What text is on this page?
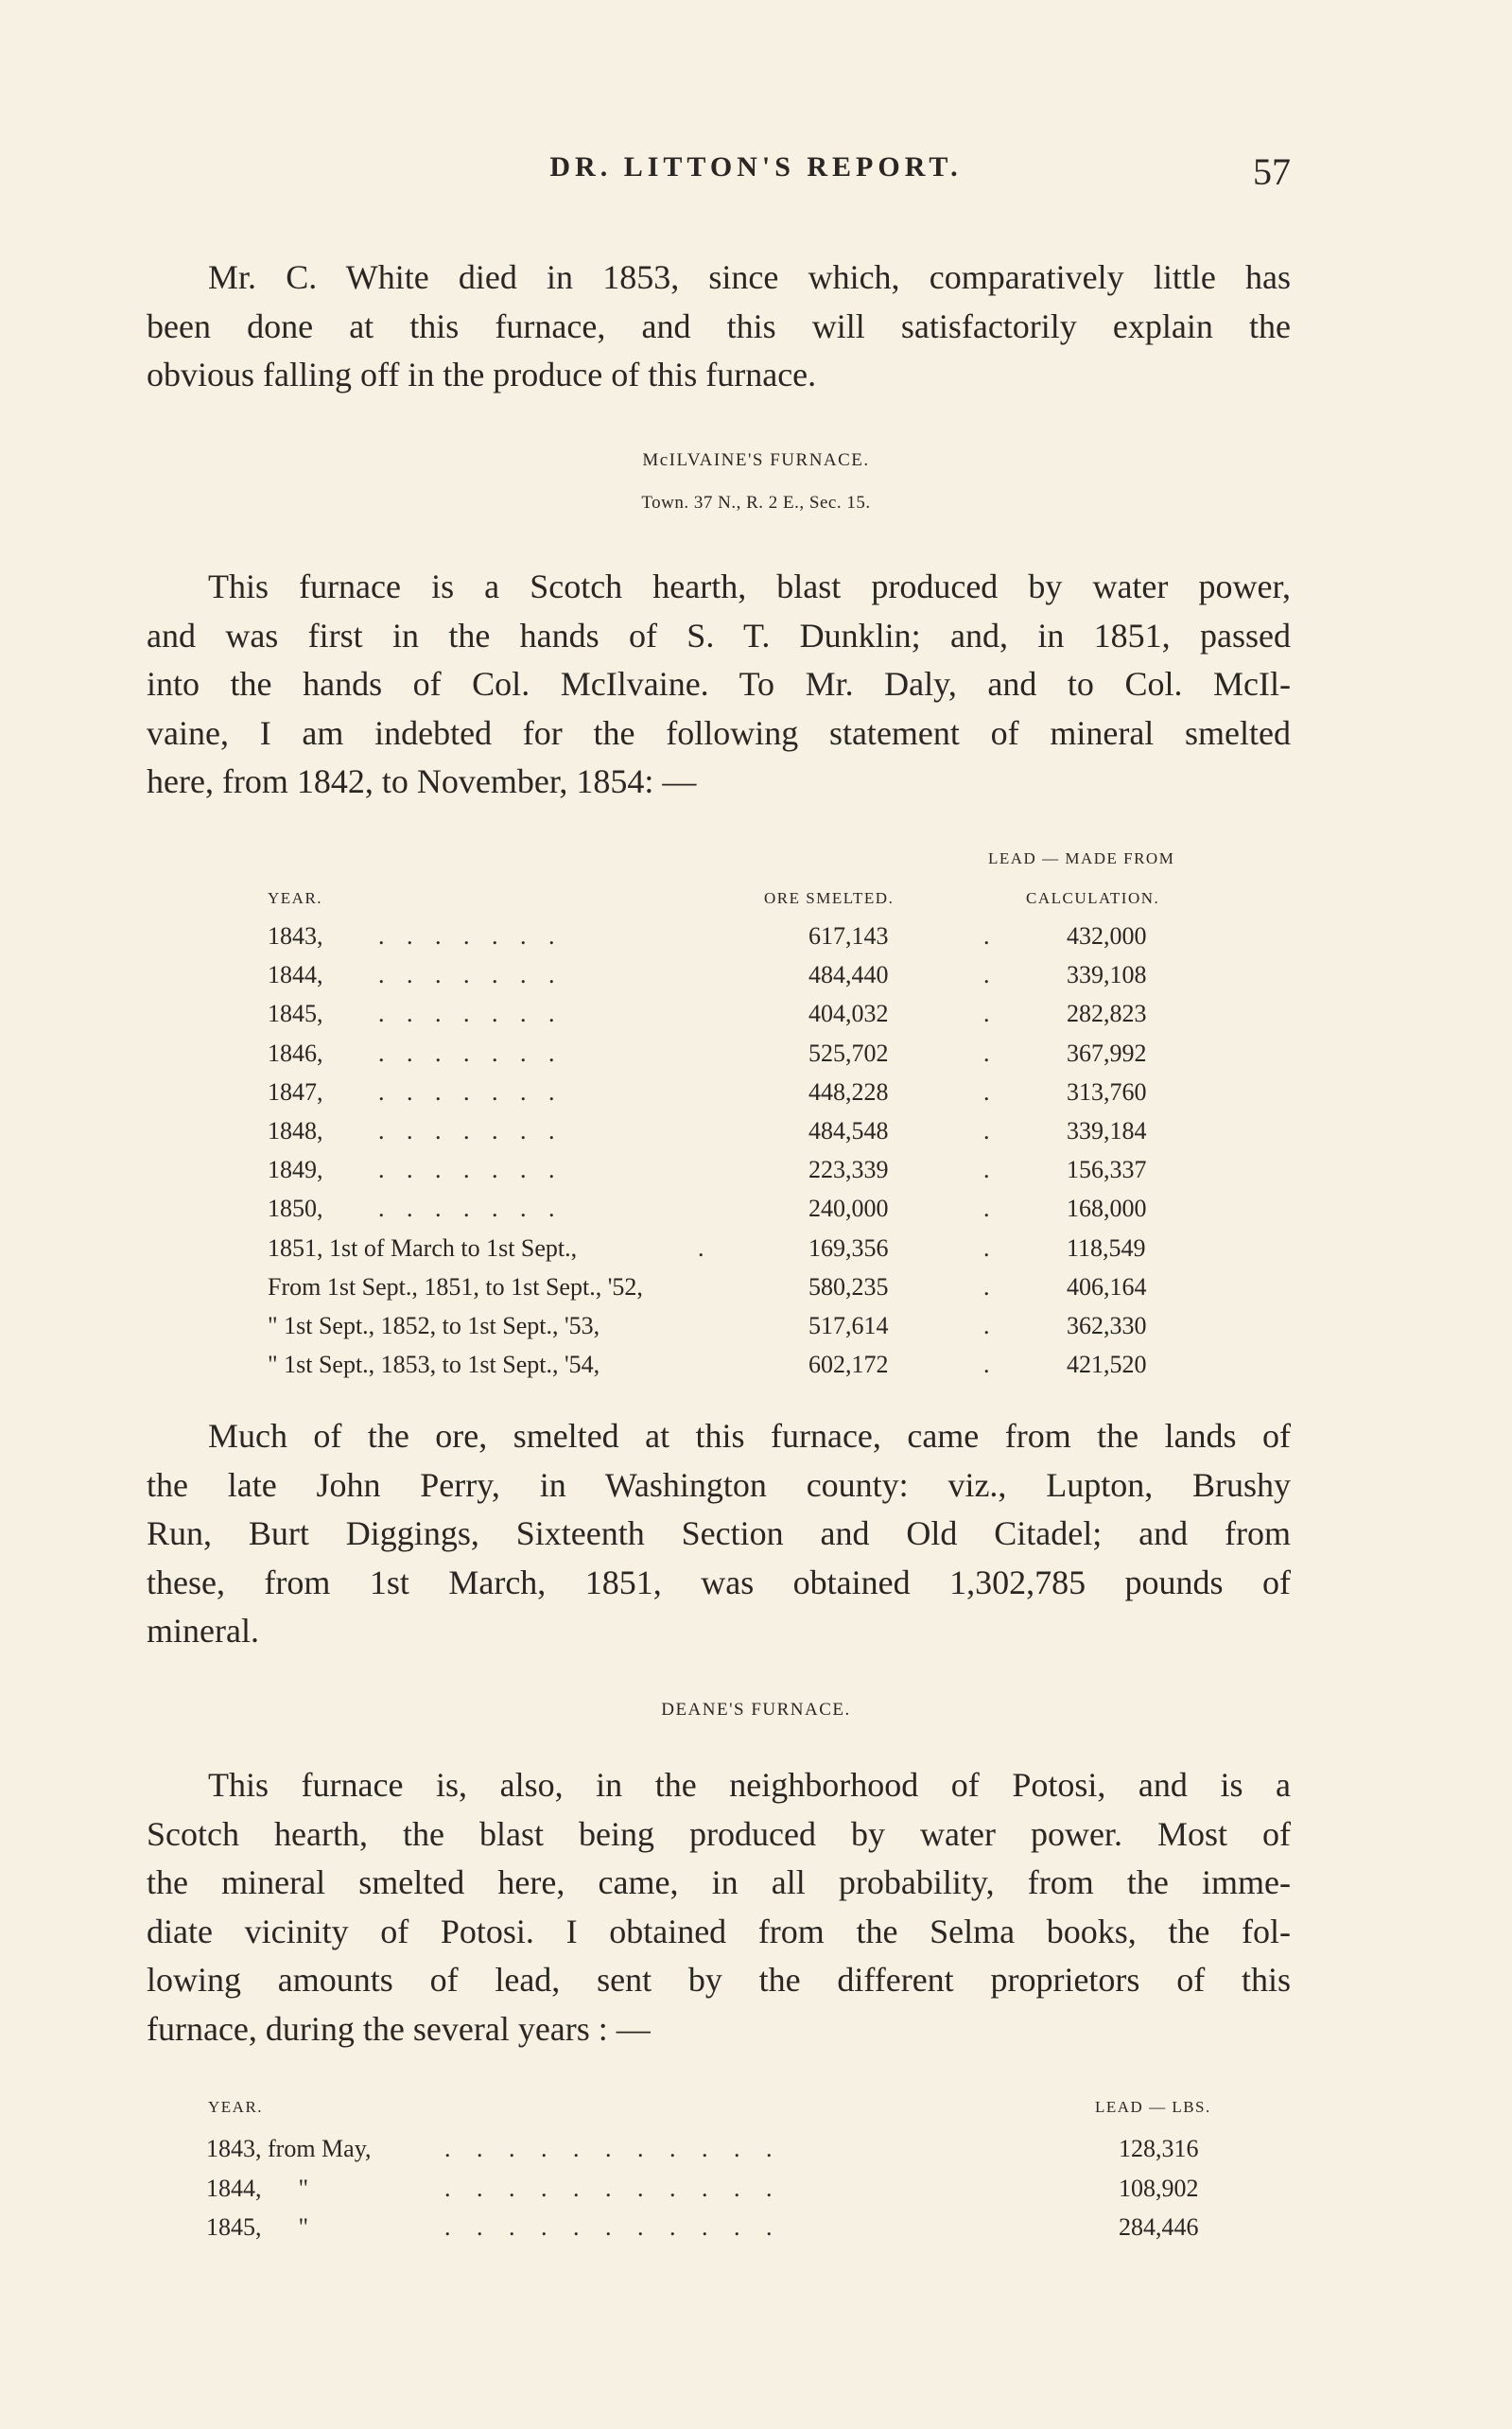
DR. LITTON'S REPORT.	57
Mr. C. White died in 1853, since which, comparatively little has
been done at this furnace, and this will satisfactorily explain the
obvious falling off in the produce of this furnace.
McILVAINE'S FURNACE.
Town. 37 N., R. 2 E., Sec. 15.
This furnace is a Scotch hearth, blast produced by water power,
and was first in the hands of S. T. Dunklin; and, in 1851, passed
into the hands of Col. McIlvaine. To Mr. Daly, and to Col. McIl-
vaine, I am indebted for the following statement of mineral smelted
here, from 1842, to November, 1854: —
LEAD — MADE FROM
YEAR.	ORE SMELTED.	CALCULATION.
1843, . . . . . . .	617,143	.	432,000
1844, . . . . . . .	484,440	.	339,108
1845, . . . . . . .	404,032	.	282,823
1846, . . . . . . .	525,702	.	367,992
1847, . . . . . . .	448,228	.	313,760
1848, . . . . . . .	484,548	.	339,184
1849, . . . . . . .	223,339	.	156,337
1850, . . . . . . .	240,000	.	168,000
1851, 1st of March to 1st Sept.,	.	169,356	.	118,549
From 1st Sept., 1851, to 1st Sept., '52,	580,235	.	406,164
" 1st Sept., 1852, to 1st Sept., '53,	517,614	.	362,330
" 1st Sept., 1853, to 1st Sept., '54,	602,172	.	421,520
Much of the ore, smelted at this furnace, came from the lands of
the late John Perry, in Washington county: viz., Lupton, Brushy
Run, Burt Diggings, Sixteenth Section and Old Citadel; and from
these, from 1st March, 1851, was obtained 1,302,785 pounds of
mineral.
DEANE'S FURNACE.
This furnace is, also, in the neighborhood of Potosi, and is a
Scotch hearth, the blast being produced by water power. Most of
the mineral smelted here, came, in all probability, from the imme-
diate vicinity of Potosi. I obtained from the Selma books, the fol-
lowing amounts of lead, sent by the different proprietors of this
furnace, during the several years : —
YEAR.	LEAD — LBS.
1843, from May,	. . . . . . . . . . .	128,316
1844,      "	. . . . . . . . . . .	108,902
1845,      "	. . . . . . . . . . .	284,446
